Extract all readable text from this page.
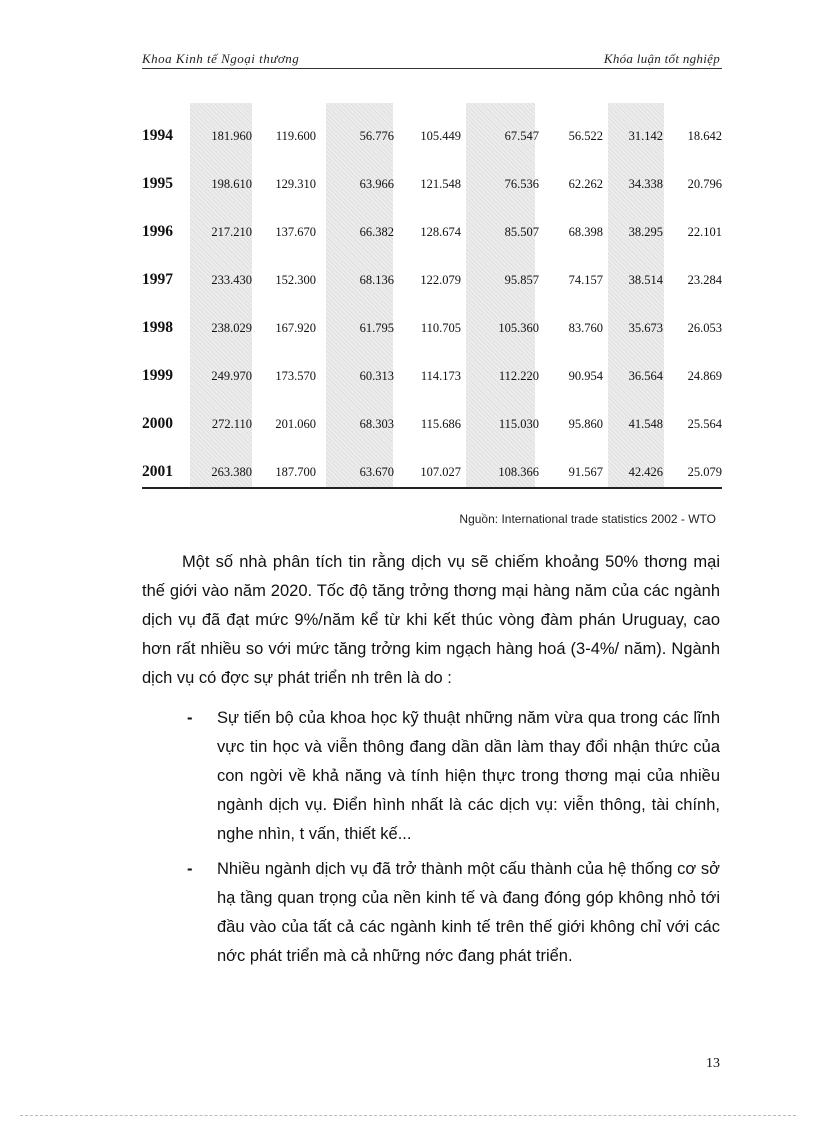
Khoa Kinh tế Ngoại thương	Khóa luận tốt nghiệp
1994	181.960	119.600	56.776	105.449	67.547	56.522	31.142	18.642
1995	198.610	129.310	63.966	121.548	76.536	62.262	34.338	20.796
1996	217.210	137.670	66.382	128.674	85.507	68.398	38.295	22.101
1997	233.430	152.300	68.136	122.079	95.857	74.157	38.514	23.284
1998	238.029	167.920	61.795	110.705	105.360	83.760	35.673	26.053
1999	249.970	173.570	60.313	114.173	112.220	90.954	36.564	24.869
2000	272.110	201.060	68.303	115.686	115.030	95.860	41.548	25.564
2001	263.380	187.700	63.670	107.027	108.366	91.567	42.426	25.079
Nguồn: International trade statistics 2002 - WTO

Một số nhà phân tích tin rằng dịch vụ sẽ chiếm khoảng 50% thơng mại thế giới vào năm 2020. Tốc độ tăng trởng thơng mại hàng năm của các ngành dịch vụ đã đạt mức 9%/năm kể từ khi kết thúc vòng đàm phán Uruguay, cao hơn rất nhiều so với mức tăng trởng kim ngạch hàng hoá (3-4%/ năm). Ngành dịch vụ có đợc sự phát triển nh trên là do :

- Sự tiến bộ của khoa học kỹ thuật những năm vừa qua trong các lĩnh vực tin học và viễn thông đang dần dần làm thay đổi nhận thức của con ngời về khả năng và tính hiện thực trong thơng mại của nhiều ngành dịch vụ. Điển hình nhất là các dịch vụ: viễn thông, tài chính, nghe nhìn, t vấn, thiết kế...
- Nhiều ngành dịch vụ đã trở thành một cấu thành của hệ thống cơ sở hạ tầng quan trọng của nền kinh tế và đang đóng góp không nhỏ tới đầu vào của tất cả các ngành kinh tế trên thế giới không chỉ với các nớc phát triển mà cả những nớc đang phát triển.
13
